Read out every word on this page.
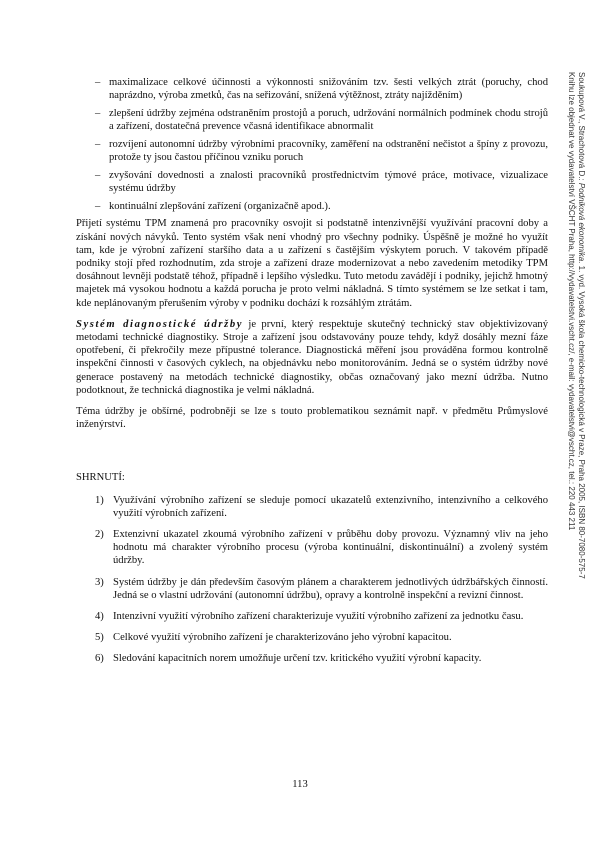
– maximalizace celkové účinnosti a výkonnosti snižováním tzv. šesti velkých ztrát (poruchy, chod naprázdno, výroba zmetků, čas na seřizování, snížená výtěžnost, ztráty najížděním)
– zlepšení údržby zejména odstraněním prostojů a poruch, udržování normálních podmínek chodu strojů a zařízení, dostatečná prevence včasná identifikace abnormalit
– rozvíjení autonomní údržby výrobními pracovníky, zaměření na odstranění nečistot a špíny z provozu, protože ty jsou častou příčinou vzniku poruch
– zvyšování dovednosti a znalosti pracovníků prostřednictvím týmové práce, motivace, vizualizace systému údržby
– kontinuální zlepšování zařízení (organizačně apod.).

Přijetí systému TPM znamená pro pracovníky osvojit si podstatně intenzivnější využívání pracovní doby a získání nových návyků. Tento systém však není vhodný pro všechny podniky. Úspěšně je možné ho využít tam, kde je výrobní zařízení staršího data a u zařízení s častějším výskytem poruch. V takovém případě podniky stojí před rozhodnutím, zda stroje a zařízení draze modernizovat a nebo zavedením metodiky TPM dosáhnout levněji podstatě téhož, případně i lepšího výsledku. Tuto metodu zavádějí i podniky, jejichž hmotný majetek má vysokou hodnotu a každá porucha je proto velmi nákladná. S tímto systémem se lze setkat i tam, kde neplánovaným přerušením výroby v podniku dochází k rozsáhlým ztrátám.

Systém diagnostické údržby je první, který respektuje skutečný technický stav objektivizovaný metodami technické diagnostiky. Stroje a zařízení jsou odstavovány pouze tehdy, když dosáhly mezní fáze opotřebení, či překročily meze přípustné tolerance. Diagnostická měření jsou prováděna formou kontrolně inspekční činnosti v časových cyklech, na objednávku nebo monitorováním. Jedná se o systém údržby nové generace postavený na metodách technické diagnostiky, občas označovaný jako mezní údržba. Nutno podotknout, že technická diagnostika je velmi nákladná.

Téma údržby je obšírné, podrobněji se lze s touto problematikou seznámit např. v předmětu Průmyslové inženýrství.

SHRNUTÍ:
1) Využívání výrobního zařízení se sleduje pomocí ukazatelů extenzivního, intenzivního a celkového využití výrobních zařízení.
2) Extenzivní ukazatel zkoumá výrobního zařízení v průběhu doby provozu. Významný vliv na jeho hodnotu má charakter výrobního procesu (výroba kontinuální, diskontinuální) a zvolený systém údržby.
3) Systém údržby je dán především časovým plánem a charakterem jednotlivých údržbářských činností. Jedná se o vlastní udržování (autonomní údržbu), opravy a kontrolně inspekční a revizní činnost.
4) Intenzivní využití výrobního zařízení charakterizuje využití výrobního zařízení za jednotku času.
5) Celkové využití výrobního zařízení je charakterizováno jeho výrobní kapacitou.
6) Sledování kapacitních norem umožňuje určení tzv. kritického využití výrobní kapacity.
113
Soukupová V., Strachotová D.: Podniková ekonomika. 1. vyd. Vysoká škola chemicko-technologická v Praze, Praha 2005, ISBN 80-7080-575-7
Knihu lze objednat ve vydavatelství VŠCHT Praha, http://vydavatelstvi.vscht.cz/, e-mail: vydavatelstvi@vscht.cz, tel.: 220 443 211
